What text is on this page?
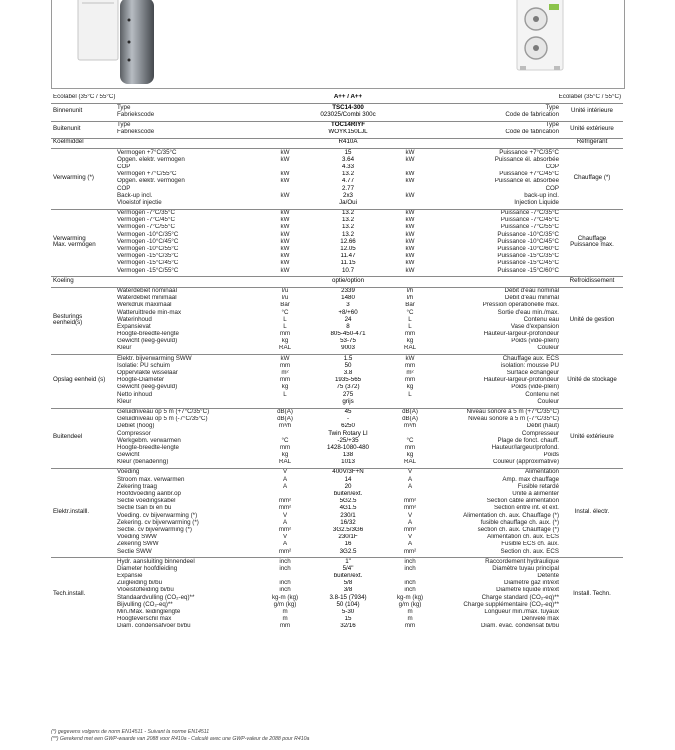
Ecolabel (35°C / 55°C)			A++ / A++		Ecolabel (35°C / 55°C)	

Binnenunit	Type		TSC14-300		Type	Unité intérieure
	Fabriekscode		023025/Combi 300c		Code de fabrication	

Buitenunit	Type		TOC14RIYF		Type	Unité extérieure
	Fabriekscode		WOYK150LJL		Code de fabrication	

Koelmiddel			R410A			Réfrigérant

Verwarming (*)	Vermogen +7°C/35°C	kW	15	kW	Puissance +7°C/35°C	Chauffage (*)
	Opgen. elektr. vermogen	kW	3.64	kW	Puissance él. absorbée	
	COP		4.33		COP	
	Vermogen +7°C/55°C	kW	13.2	kW	Puissance +7°C/45°C	
	Opgen. elektr. vermogen	kW	4.77	kW	Puissance él. absorbée	
	COP		2.77		COP	
	Back-up incl.	kW	2x3	kW	back-up incl.	
	Vloeistof injectie		Ja/Oui		Injection Liquide	

Verwarming
Max. vermogen	Vermogen -7°C/35°C	kW	13.2	kW	Puissance -7°C/35°C	Chauffage
Puissance max.
	Vermogen -7°C/45°C	kW	13.2	kW	Puissance -7°C/45°C	
	Vermogen -7°C/55°C	kW	13.2	kW	Puissance -7°C/55°C	
	Vermogen -10°C/35°C	kW	13.2	kW	Puissance -10°C/35°C	
	Vermogen -10°C/45°C	kW	12.66	kW	Puissance -10°C/45°C	
	Vermogen -10°C/55°C	kW	12.05	kW	Puissance -10°C/60°C	
	Vermogen -15°C/35°C	kW	11.47	kW	Puissance -15°C/35°C	
	Vermogen -15°C/45°C	kW	11.15	kW	Puissance -15°C/45°C	
	Vermogen -15°C/55°C	kW	10.7	kW	Puissance -15°C/60°C	

Koeling			optie/option			Refroidissement

Besturings
eenheid(s)	Waterdebiet nominaal	l/u	2339	l/h	Débit d'eau nominal	Unité de gestion
	Waterdebiet minimaal	l/u	1480	l/h	Débit d'eau minimal	
	Werkdruk maximaal	Bar	3	Bar	Pression opérationelle max.	
	Watteruittrede min-max	°C	+8/+60	°C	Sortie d'eau min./max.	
	Waterinhoud	L	24	L	Contenu eau	
	Expansievat	L	8	L	Vase d'expansion	
	Hoogte-breedte-lengte	mm	805-450-471	mm	Hauteur-largeur-profondeur	
	Gewicht (leeg-gevuld)	kg	53-75	kg	Poids (vide-plein)	
	Kleur	RAL	9003	RAL	Couleur	

Opslag eenheid (s)	Elektr. bijverwarming SWW	kW	1.5	kW	Chauffage aux. ECS	Unité de stockage
	Isolatie: PU schuim	mm	50	mm	isolation: mousse PU	
	Oppervlakte wisselaar	m²	3.8	m²	Surface échangeur	
	Hoogte-Diameter	mm	1935-565	mm	Hauteur-largeur-profondeur	
	Gewicht (leeg-gevuld)	kg	75 (372)	kg	Poids (vide-plein)	
	Netto inhoud	L	275	L	Contenu net	
	Kleur		grijs		Couleur	

Buitendeel	Geluidniveau op 5 m (+7°C/35°C)	dB(A)	45	dB(A)	Niveau sonore à 5 m (+7°C/35°C)	Unité extérieure
	Geluidniveau op 5 m (-7°C/35°C)	dB(A)	-	dB(A)	Niveau sonore à 5 m (-7°C/35°C)	
	Debiet (hoog)	m³/h	6250	m³/h	Débit (haut)	
	Compressor		Twin Rotary LI		Compresseur	
	Werkgebm. verwarmen	°C	-25/+35	°C	Plage de fonct. chauff.	
	Hoogte-breedte-lengte	mm	1428-1080-480	mm	Hauteur/largeur/profond.	
	Gewicht	kg	138	kg	Poids	
	Kleur (benadering)	RAL	1013	RAL	Couleur (approximative)	

Elektr.installl.	Voeding	V	400V/3F+N	V	Alimentation	Instal. électr.
	Stroom max. verwarmen	A	14	A	Amp. max chauffage	
	Zekering traag	A	20	A	Fusible retardé	
	Hoofdvoeding aanbr.op		buiten/ext.		Unité à alimenter	
	Sectie voedingskabel	mm²	5G2.5	mm²	Section câble alimentation	
	Sectie tsan bi en bu	mm²	4G1.5	mm²	Section entre int. et ext.	
	Voeding. cv bijverwarming (*)	V	230/1	V	Alimentation ch. aux. Chauffage (*)	
	Zekering. cv bijverwarming (*)	A	16/32	A	fusible chauffage ch. aux. (*)	
	Sectie. cv bijverwarming (*)	mm²	3G2.5/3G6	mm²	section ch. aux. Chauffage (*)	
	Voeding SWW	V	230/1F	V	Alimentation ch. aux. ECS	
	Zekering SWW	A	16	A	Fusible ECS ch. aux.	
	Sectie SWW	mm²	3G2.5	mm²	Section ch. aux. ECS	

Tech.install.	Hydr. aansluiting binnendeel	inch	1"	inch	Raccordement hydraulique	Install. Techn.
	Diameter hoofdleiding	inch	5/4"	inch	Diamètre tuyau principal	
	Expansie		buiten/ext.		Détente	
	Zuigleiding bi/bu	inch	5/8	inch	Diamètre gaz int/ext	
	Vloeistofleiding bi/bu	inch	3/8	inch	Diamètre liquide int/ext	
	Standaardvulling (CO₂-eq)**	kg-m (kg)	3.8-15 (7934)	kg-m (kg)	Charge standard (CO₂-eq)**	
	Bijvulling (CO₂-eq)**	g/m (kg)	50 (104)	g/m (kg)	Charge supplémentaire (CO₂-eq)**	
	Min./Max. leidinglengte	m	5-30	m	Longueur min./max. tuyaux	
	Hoogteverschil max	m	15	m	Dénivelé max	
	Diam. condensafvoer bi/bu	mm	32/16	mm	Diam. évac. condensat bi/bu	
(*) gegevens volgens de norm EN14511 - Suivant la norme EN14511
(**) Gerekend met een GWP-waarde van 2088 voor R410a - Calculé avec une GWP-valeur de 2088 pour R410a
